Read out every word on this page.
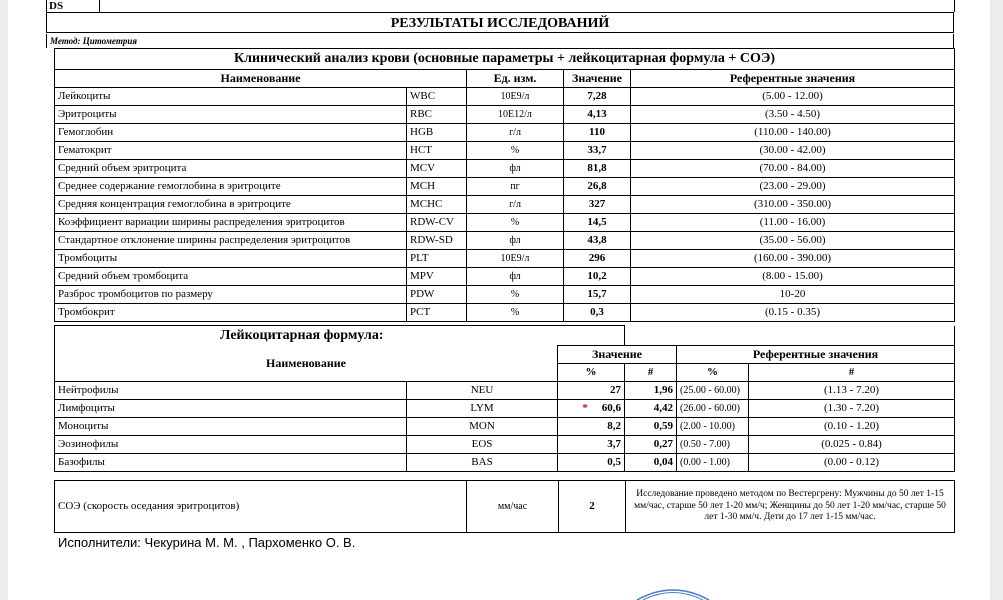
DS
РЕЗУЛЬТАТЫ ИССЛЕДОВАНИЙ
Метод: Цитометрия
Клинический анализ крови (основные параметры + лейкоцитарная формула + СОЭ)				
Наименование		Ед. изм.	Значение	Референтные значения
Лейкоциты	WBC	10E9/л	7,28	(5.00 - 12.00)
Эритроциты	RBC	10E12/л	4,13	(3.50 - 4.50)
Гемоглобин	HGB	г/л	110	(110.00 - 140.00)
Гематокрит	HCT	%	33,7	(30.00 - 42.00)
Средний объем эритроцита	MCV	фл	81,8	(70.00 - 84.00)
Среднее содержание гемоглобина в эритроците	MCH	пг	26,8	(23.00 - 29.00)
Средняя концентрация гемоглобина в эритроците	MCHC	г/л	327	(310.00 - 350.00)
Коэффициент вариации ширины распределения эритроцитов	RDW-CV	%	14,5	(11.00 - 16.00)
Стандартное отклонение ширины распределения эритроцитов	RDW-SD	фл	43,8	(35.00 - 56.00)
Тромбоциты	PLT	10E9/л	296	(160.00 - 390.00)
Средний объем тромбоцита	MPV	фл	10,2	(8.00 - 15.00)
Разброс тромбоцитов по размеру	PDW	%	15,7	10-20
Тромбокрит	PCT	%	0,3	(0.15 - 0.35)
Лейкоцитарная формула:					
Наименование		Значение		Референтные значения	
		%	#	%	#
Нейтрофилы	NEU	27	1,96	(25.00 - 60.00)	(1.13 - 7.20)
Лимфоциты	LYM	* 60,6	4,42	(26.00 - 60.00)	(1.30 - 7.20)
Моноциты	MON	8,2	0,59	(2.00 - 10.00)	(0.10 - 1.20)
Эозинофилы	EOS	3,7	0,27	(0.50 - 7.00)	(0.025 - 0.84)
Базофилы	BAS	0,5	0,04	(0.00 - 1.00)	(0.00 - 0.12)
СОЭ (скорость оседания эритроцитов)	мм/час	2	Исследование проведено методом по Вестергрену: Мужчины до 50 лет 1-15 мм/час, старше 50 лет 1-20 мм/ч; Женщины до 50 лет 1-20 мм/час, старше 50 лет 1-30 мм/ч. Дети до 17 лет 1-15 мм/час.
Исполнители: Чекурина М. М. , Пархоменко О. В.
